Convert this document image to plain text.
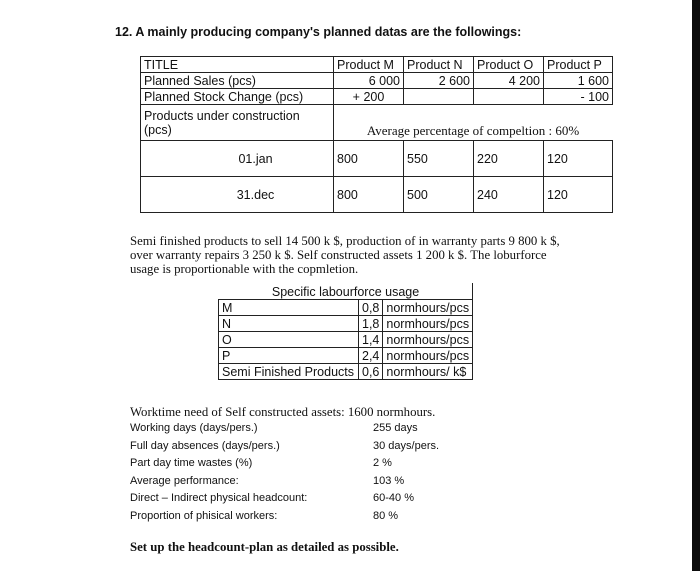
12. A mainly producing company's planned datas are the followings:
TITLE	Product M	Product N	Product O	Product P
Planned Sales (pcs)	6 000	2 600	4 200	1 600
Planned Stock Change (pcs)	+ 200			- 100

Products under construction
(pcs)	Average percentage of compeltion : 60%			
01.jan	800	550	220	120
31.dec	800	500	240	120

Semi finished products to sell 14 500 k $, production of in warranty parts 9 800 k $,

over warranty repairs 3 250 k $. Self constructed assets 1 200 k $. The loburforce

usage is proportionable with the copmletion.

Specific labourforce usage		
M	0,8	normhours/pcs
N	1,8	normhours/pcs
O	1,4	normhours/pcs
P	2,4	normhours/pcs
Semi Finished Products	0,6	normhours/ k$
Worktime need of Self constructed assets: 1600 normhours.
Working days (days/pers.)	255 days
Full day absences (days/pers.)	30 days/pers.
Part day time wastes (%)	2 %
Average performance:	103 %
Direct – Indirect physical headcount:	60-40 %
Proportion of phisical workers:	80 %
Set up the headcount-plan as detailed as possible.
